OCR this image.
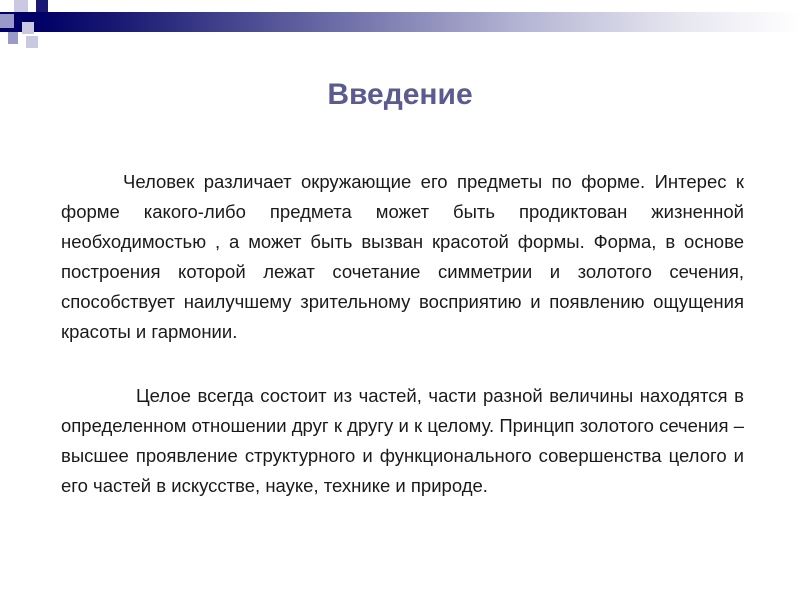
Введение

Человек различает окружающие его предметы по форме. Интерес к форме какого-либо предмета может быть продиктован жизненной необходимостью , а может быть вызван красотой формы. Форма, в основе построения которой лежат сочетание симметрии и золотого сечения, способствует наилучшему зрительному восприятию и появлению ощущения красоты и гармонии.

Целое всегда состоит из частей, части разной величины находятся в определенном отношении друг к другу и к целому. Принцип золотого сечения – высшее проявление структурного и функционального совершенства целого и его частей в искусстве, науке, технике и природе.
